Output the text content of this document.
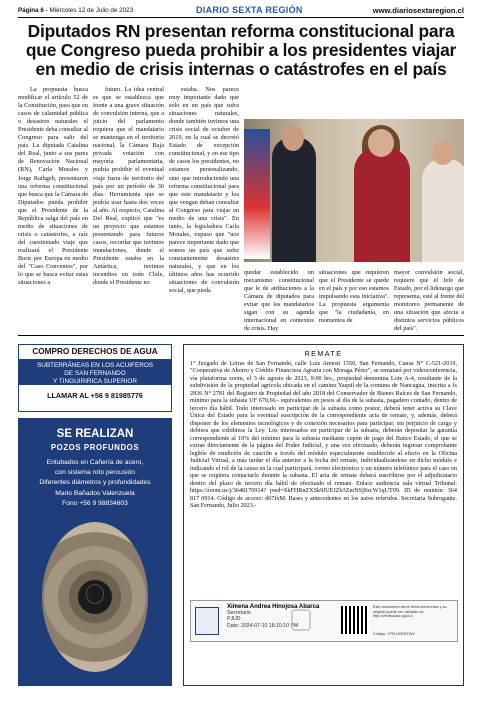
Página 6 - Miércoles 12 de Julio de 2023	DIARIO SEXTA REGIÓN	www.diariosextaregion.cl
Diputados RN presentan reforma constitucional para que Congreso pueda prohibir a los presidentes viajar en medio de crisis internas o catástrofes en el país

La propuesta busca modificar el artículo 52 de la Constitución, para que en casos de calamidad pública o desastres naturales el Presidente deba consultar al Congreso para salir del país. La diputada Catalina del Real, junto a sus pares de Renovación Nacional (RN), Carla Morales y Jorge Rathgeb, presentaron una reforma constitucional que busca que la Cámara de Diputados pueda prohibir que el Presidente de la República salga del país en medio de situaciones de crisis o catástrofes, a raíz del cuestionado viaje que realizará el Presidente Boric por Europa en medio del "Caso Convenios", por lo que se busca evitar estas situaciones a

futuro. La idea central es que se establezca que frente a una grave situación de convulsión interna, que a juicio del parlamento requiera que el mandatario se mantenga en el territorio nacional, la Cámara Baja privada votación con mayoría parlamentaria, podría prohibir el eventual viaje fuera de territorio del país por un período de 30 días. Herramienta que se podría usar hasta dos veces al año. Al respecto, Catalina Del Real, explicó que "es un proyecto que estamos presentando para futuros casos, recordar que tuvimos inundaciones, donde el Presidente estaba en la Antártica, tuvimos incendios en todo Chile, donde el Presidente no

estaba. Nos parece muy importante dado que sólo en un país que sufra situaciones naturales, donde también tuvimos una crisis social de octubre de 2019, en la cual se decretó Estado de excepción constitucional, y en ese tipo de casos los presidentes, no estamos personalizando, sino que introduciendo una reforma constitucional para que este mandatario y los que vengan deban consultar al Congreso para viajar en medio de una crisis". En tanto, la legisladora Carla Morales, expuso que "nos parece importante dado que somos un país que sufre constantemente desastres naturales, y que en los últimos años has ocurrido situaciones de convulsión social, que pieda

quedar establecido un mecanismo constitucional que le de atribuciones a la Cámara de diputados para evitar que los mandatarios sigan con su agenda internacional en contextos de crisis. Hay

situaciones que requieren que el Presidente se quede en el país y por eso estamos impulsando esta iniciativa". La propuesta argumenta que "la ciudadanía, en momentos de

mayor convulsión social, requiere que el Jefe de Estado, por el liderazgo que representa, esté al frente del monitoreo permanente de una situación que afecta a distintos servicios públicos del país".

COMPRO DERECHOS DE AGUA
SUBTERRÁNEAS EN LOS ACUIFEROS
DE SAN FERNANDO
Y TINGUIRIRICA SUPERIOR
LLAMAR AL +56 9 81985776
SE REALIZAN
POZOS PROFUNDOS
Entubados en Cañería de acero,
con sistema roto percusión
Diferentes diámetros y profundidades
Mario Bañados Valenzuela
Fono +56 9 98834603
REMATE
1° Juzgado de Letras de San Fernando, calle Luis Amesti 1550, San Fernando, Causa N° C-521-2019, "Cooperativa de Ahorro y Crédito Financiera Agraria con Moraga Pérez", se rematará por videoconferencia, vía plataforma zoom, el 3 de agosto de 2023, 9:00 hrs., propiedad denomina Lote A-4, resultante de la subdivisión de la propiedad agrícola ubicada en el camino Yaquil de la comuna de Nancagua, inscrita a fs 2836 N° 2781 del Registro de Propiedad del año 2018 del Conservador de Bienes Raíces de San Fernando, mínimo para la subasta UF 670,66.- equivalentes en pesos al día de la subasta, pagadero contado, dentro de tercero día hábil. Todo interesado en participar de la subasta como postor, deberá tener activa su Clave Única del Estado para la eventual suscripción de la correspondiente acta de remate, y, además, deberá disponer de los elementos tecnológicos y de conexión necesarios para participar, sin perjuicio de cargo y debiera que exhibiese la Ley. Los interesados en participar de la subasta, deberán depositar la garantía correspondiente al 10% del mínimo para la subasta mediante cupón de pago del Banco Estado, el que se extrae directamente de la página del Poder Judicial, y una vez efectuado, deberán ingresar comprobante legible de rendición de caución a través del módulo especialmente establecido al efecto en la Oficina Judicial Virtual, a más tardar el día anterior a la fecha del remate, individualizándose en dicho módulo e indicando el rol de la causa en la cual participará, correo electrónico y un número telefónico para el caso en que se requiera contactarlo durante la subasta. El acta de remate deberá suscribirse por el adjudicatario dentro del plazo de tercero día hábil de efectuado el remate. Enlace audiencia sala virtual Tribunal: https://zoom.us/j/3648170914? pwd=SkFHRnZXSk9IUEJZb3ZmNSj8xcW1qUT09. ID de reunión: 364 817 0914. Código de acceso: d67fxM. Bases y antecedentes en los autos referidos. Secretaria Subrogante. San Fernando, Julio 2023.-
Ximena Andrea Hinojosa Abarca
Secretario
PJUD
Date: 2024-07-10 18:10:10 PM
Este documento tiene firma electrónica y su original puede ser validado en http://verificadoc.pjud.cl
Código: YFFHJXEBTWV
